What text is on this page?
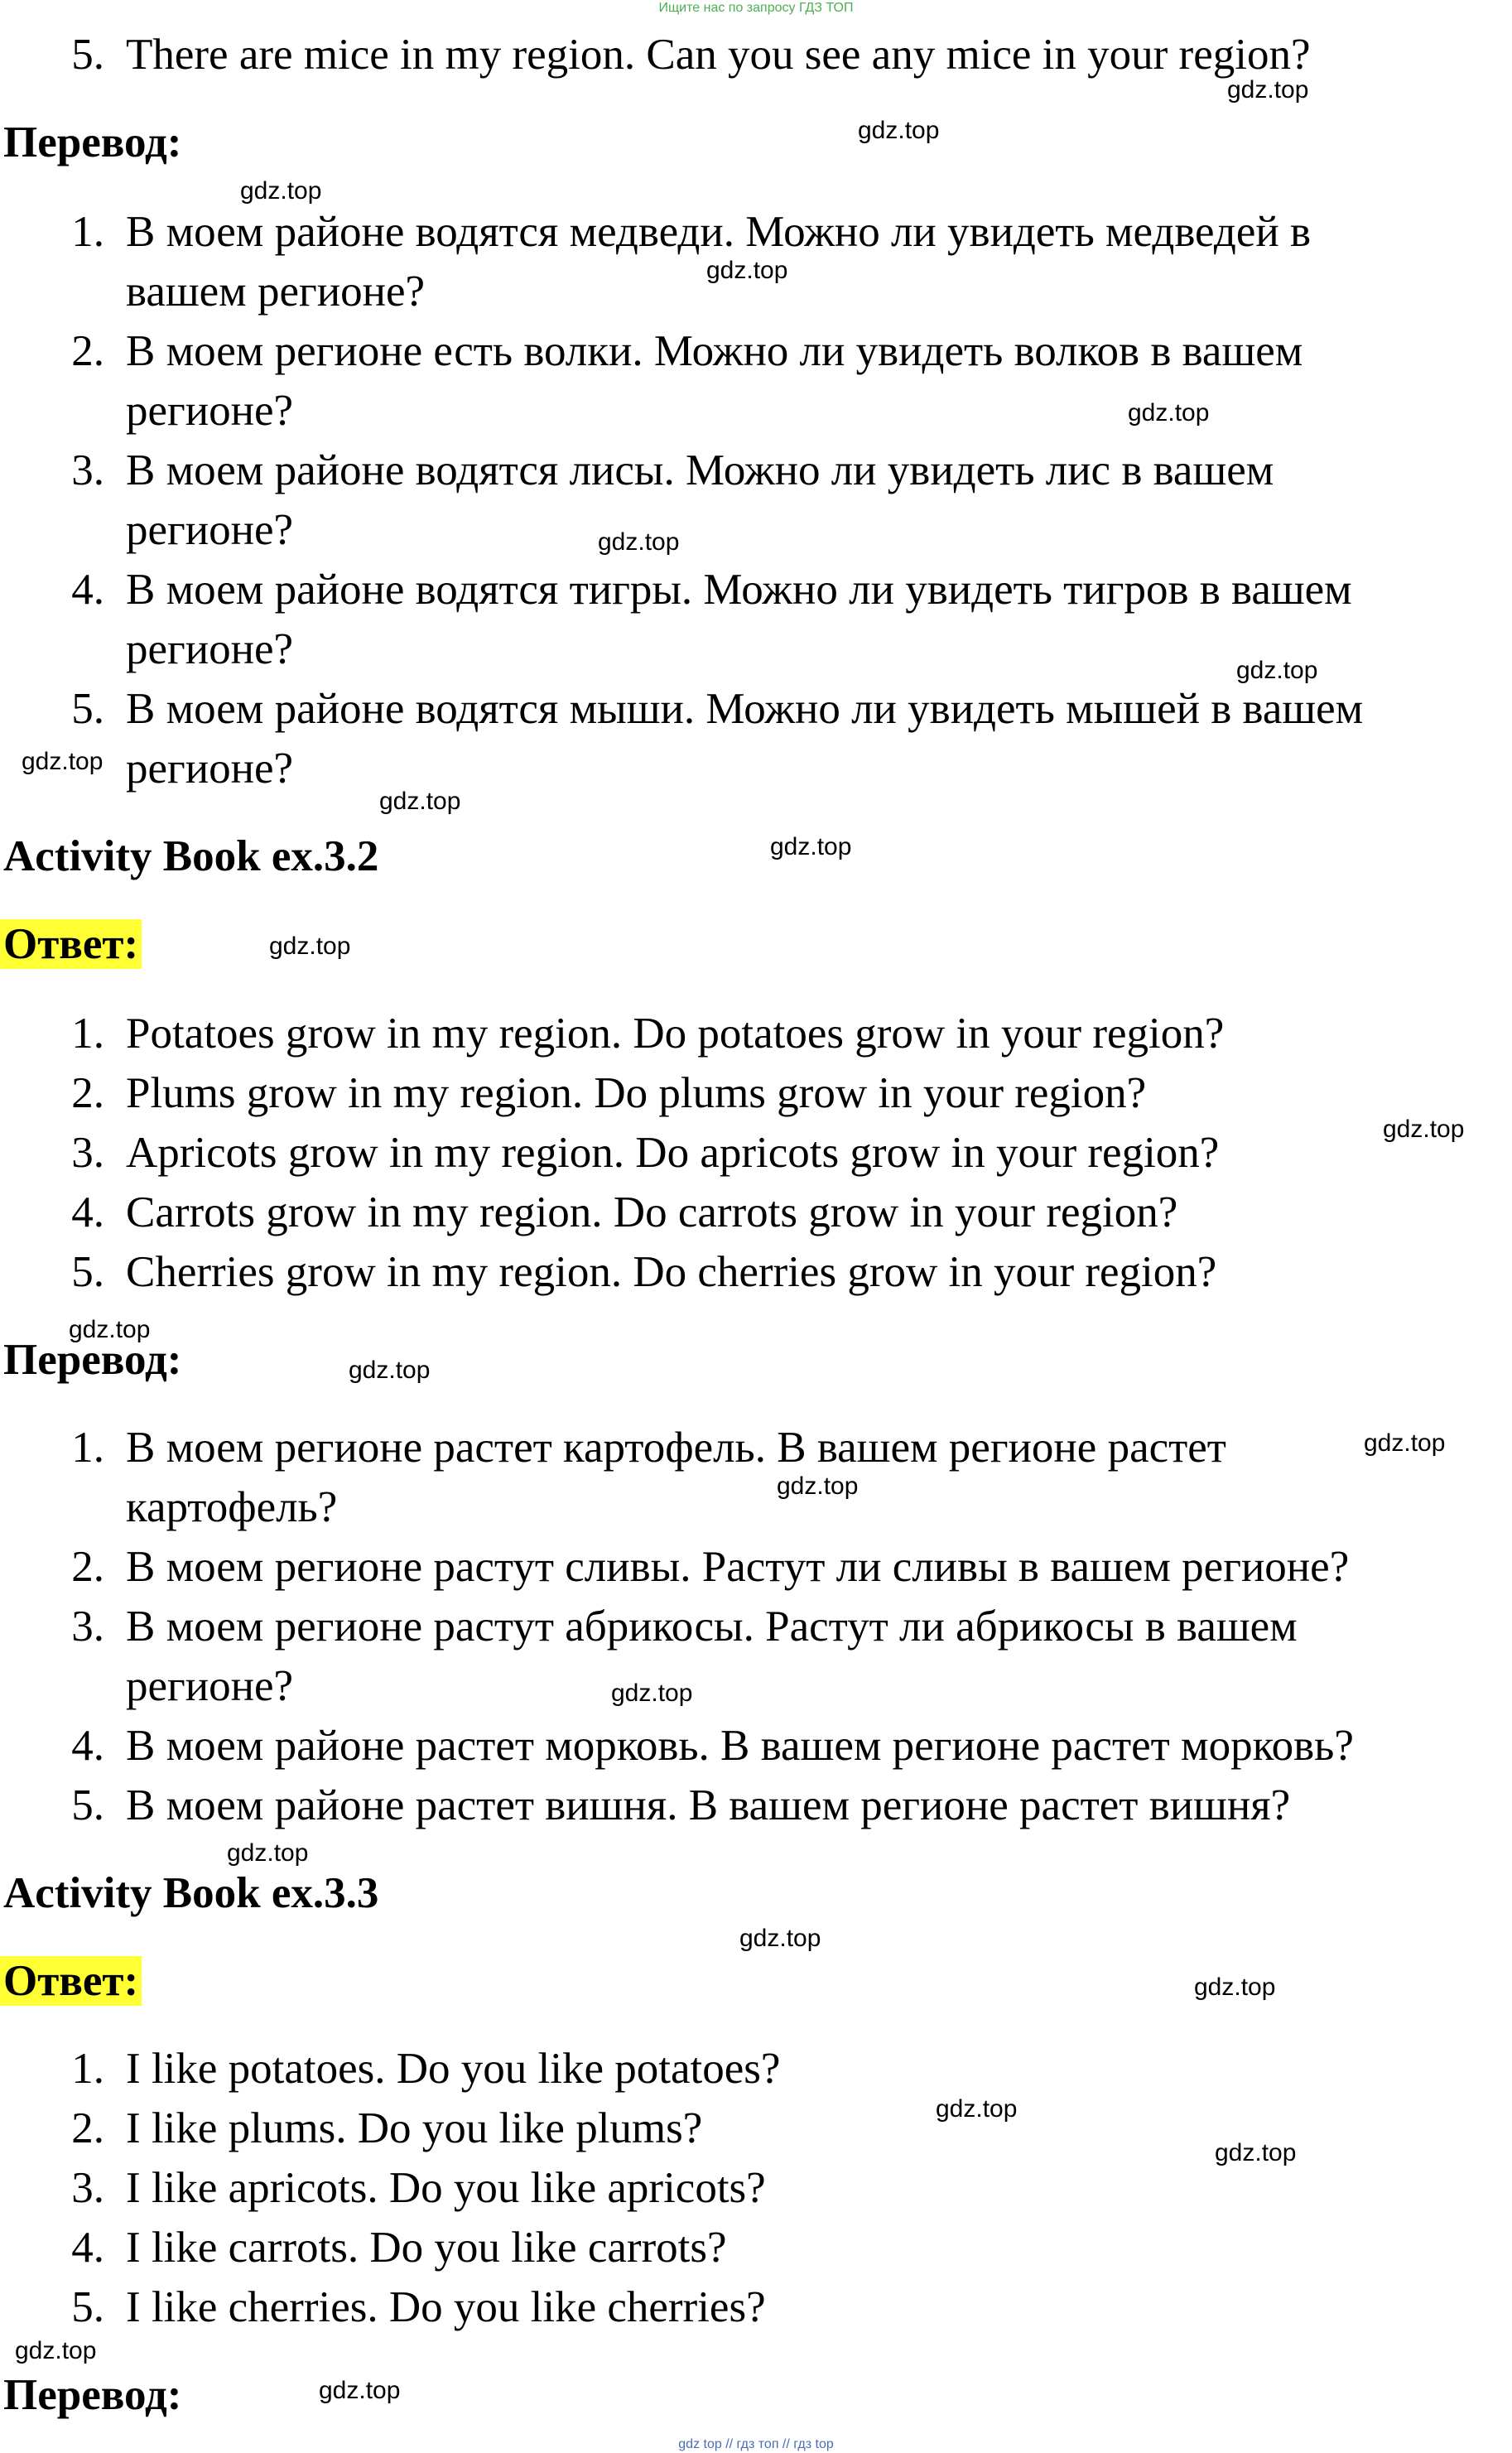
Ищите нас по запросу ГДЗ ТОП
5. There are mice in my region. Can you see any mice in your region?
Перевод:
1. В моем районе водятся медведи. Можно ли увидеть медведей в
вашем регионе?
2. В моем регионе есть волки. Можно ли увидеть волков в вашем
регионе?
3. В моем районе водятся лисы. Можно ли увидеть лис в вашем
регионе?
4. В моем районе водятся тигры. Можно ли увидеть тигров в вашем
регионе?
5. В моем районе водятся мыши. Можно ли увидеть мышей в вашем
регионе?
Activity Book ex.3.2
Ответ:
1. Potatoes grow in my region. Do potatoes grow in your region?
2. Plums grow in my region. Do plums grow in your region?
3. Apricots grow in my region. Do apricots grow in your region?
4. Carrots grow in my region. Do carrots grow in your region?
5. Cherries grow in my region. Do cherries grow in your region?
Перевод:
1. В моем регионе растет картофель. В вашем регионе растет
картофель?
2. В моем регионе растут сливы. Растут ли сливы в вашем регионе?
3. В моем регионе растут абрикосы. Растут ли абрикосы в вашем
регионе?
4. В моем районе растет морковь. В вашем регионе растет морковь?
5. В моем районе растет вишня. В вашем регионе растет вишня?
Activity Book ex.3.3
Ответ:
1. I like potatoes. Do you like potatoes?
2. I like plums. Do you like plums?
3. I like apricots. Do you like apricots?
4. I like carrots. Do you like carrots?
5. I like cherries. Do you like cherries?
Перевод:
gdz.top
gdz.top
gdz.top
gdz.top
gdz.top
gdz.top
gdz.top
gdz.top
gdz.top
gdz.top
gdz.top
gdz.top
gdz.top
gdz.top
gdz.top
gdz.top
gdz.top
gdz.top
gdz.top
gdz.top
gdz.top
gdz.top
gdz.top
gdz.top
gdz top // гдз топ // гдз top
